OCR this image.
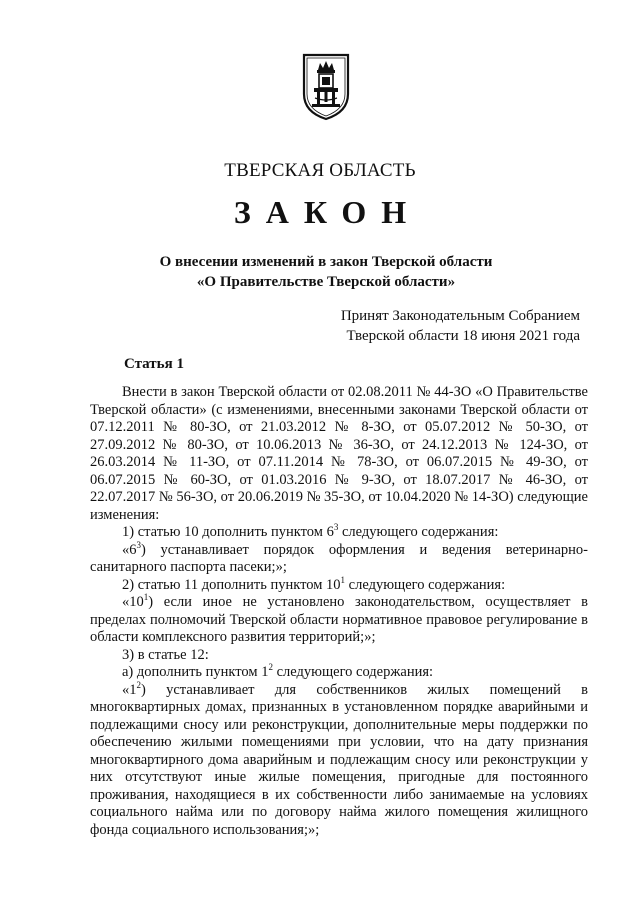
ТВЕРСКАЯ ОБЛАСТЬ
ЗАКОН
О внесении изменений в закон Тверской области
«О Правительстве Тверской области»
Принят Законодательным Собранием
Тверской области 18 июня 2021 года
Статья 1

Внести в закон Тверской области от 02.08.2011 № 44-ЗО «О Правительстве Тверской области» (с изменениями, внесенными законами Тверской области от 07.12.2011 № 80-ЗО, от 21.03.2012 № 8-ЗО, от 05.07.2012 № 50-ЗО, от 27.09.2012 № 80-ЗО, от 10.06.2013 № 36-ЗО, от 24.12.2013 № 124-ЗО, от 26.03.2014 № 11-ЗО, от 07.11.2014 № 78-ЗО, от 06.07.2015 № 49-ЗО, от 06.07.2015 № 60-ЗО, от 01.03.2016 № 9-ЗО, от 18.07.2017 № 46-ЗО, от 22.07.2017 № 56-ЗО, от 20.06.2019 № 35-ЗО, от 10.04.2020 № 14-ЗО) следующие изменения:

1) статью 10 дополнить пунктом $6^3$ следующего содержания:

«$6^3$) устанавливает порядок оформления и ведения ветеринарно-санитарного паспорта пасеки;»;

2) статью 11 дополнить пунктом $10^1$ следующего содержания:

«$10^1$) если иное не установлено законодательством, осуществляет в пределах полномочий Тверской области нормативное правовое регулирование в области комплексного развития территорий;»;

3) в статье 12:

а) дополнить пунктом $1^2$ следующего содержания:

«$1^2$) устанавливает для собственников жилых помещений в многоквартирных домах, признанных в установленном порядке аварийными и подлежащими сносу или реконструкции, дополнительные меры поддержки по обеспечению жилыми помещениями при условии, что на дату признания многоквартирного дома аварийным и подлежащим сносу или реконструкции у них отсутствуют иные жилые помещения, пригодные для постоянного проживания, находящиеся в их собственности либо занимаемые на условиях социального найма или по договору найма жилого помещения жилищного фонда социального использования;»;
